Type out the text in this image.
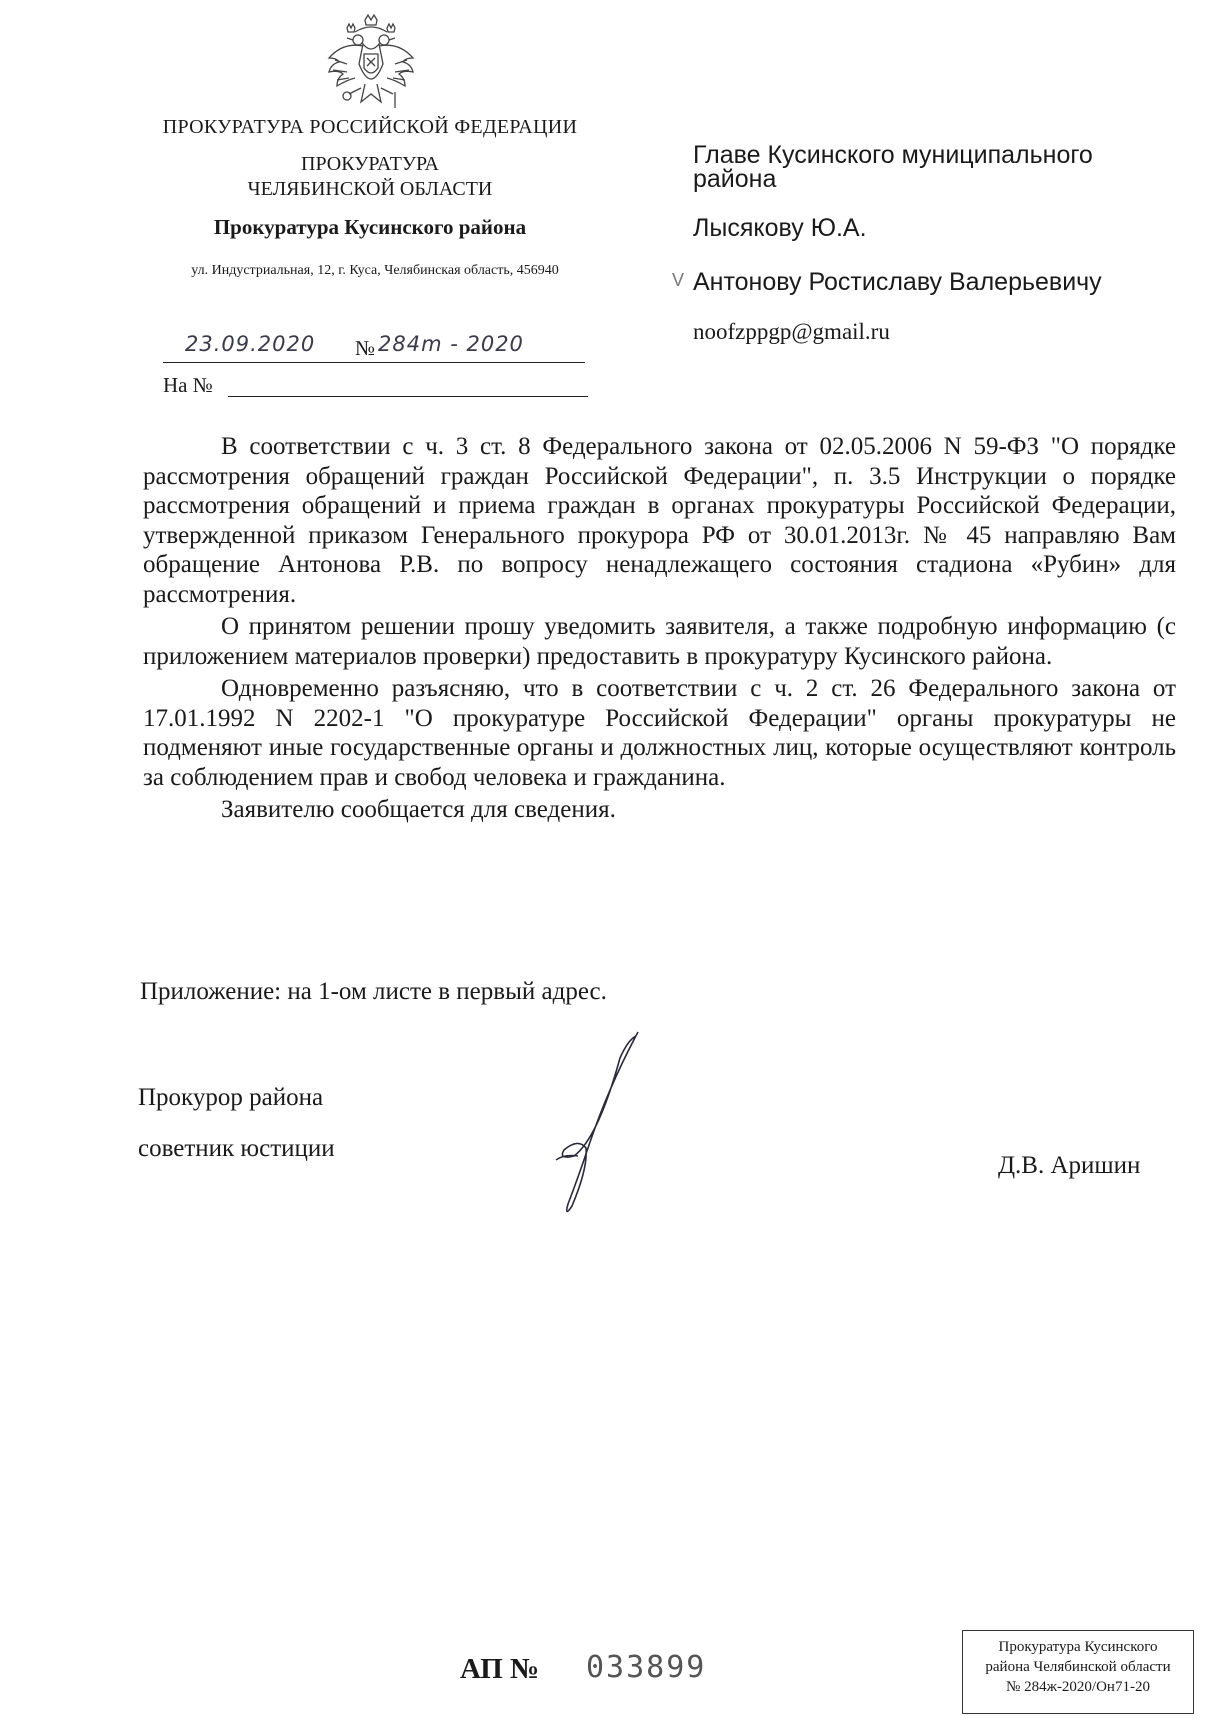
ПРОКУРАТУРА РОССИЙСКОЙ ФЕДЕРАЦИИ
ПРОКУРАТУРА
ЧЕЛЯБИНСКОЙ ОБЛАСТИ
Прокуратура Кусинского района
ул. Индустриальная, 12, г. Куса, Челябинская область, 456940
23.09.2020 № 284m - 2020
На №
Главе Кусинского муниципального района
Лысякову Ю.А.
V Антонову Ростиславу Валерьевичу
noofzppgp@gmail.ru

В соответствии с ч. 3 ст. 8 Федерального закона от 02.05.2006 N 59-ФЗ "О порядке рассмотрения обращений граждан Российской Федерации", п. 3.5 Инструкции о порядке рассмотрения обращений и приема граждан в органах прокуратуры Российской Федерации, утвержденной приказом Генерального прокурора РФ от 30.01.2013г. № 45 направляю Вам обращение Антонова Р.В. по вопросу ненадлежащего состояния стадиона «Рубин» для рассмотрения.

О принятом решении прошу уведомить заявителя, а также подробную информацию (с приложением материалов проверки) предоставить в прокуратуру Кусинского района.

Одновременно разъясняю, что в соответствии с ч. 2 ст. 26 Федерального закона от 17.01.1992 N 2202-1 "О прокуратуре Российской Федерации" органы прокуратуры не подменяют иные государственные органы и должностных лиц, которые осуществляют контроль за соблюдением прав и свобод человека и гражданина.

Заявителю сообщается для сведения.

Приложение: на 1-ом листе в первый адрес.
Прокурор района
советник юстиции
Д.В. Аришин
АП № 033899
Прокуратура Кусинского
района Челябинской области
№ 284ж-2020/Он71-20
